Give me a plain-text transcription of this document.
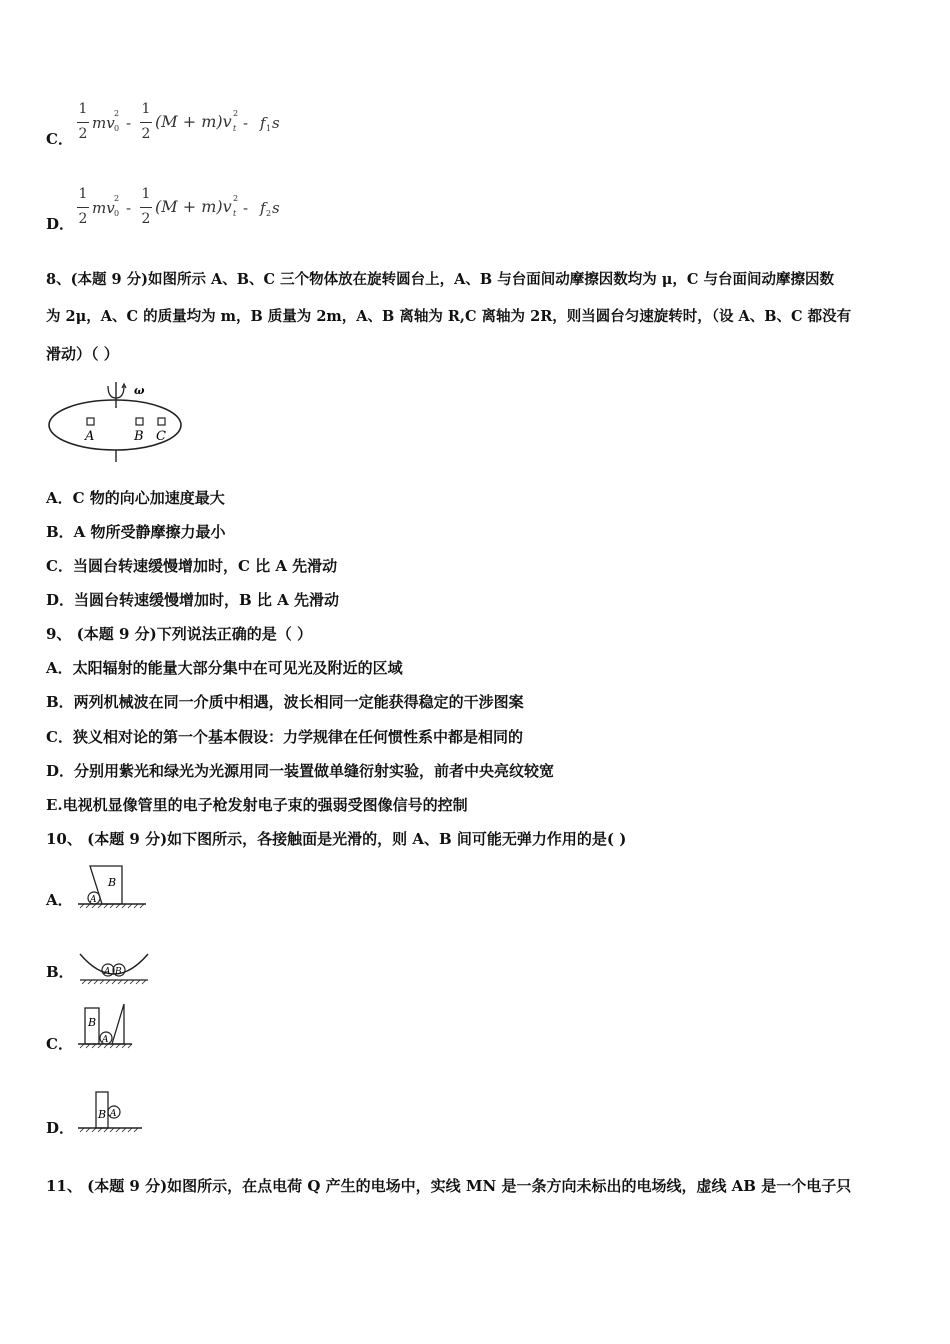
C．
1
2
mv
2
0 -
1
2
(M + m)v 2
t - f 1 s
D．
1
2
mv
2
0 -
1
2
(M + m)v 2
t - f 2 s
8、(本题 9 分)如图所示 A、B、C 三个物体放在旋转圆台上，A、B 与台面间动摩擦因数均为 μ，C 与台面间动摩擦因数
为 2μ，A、C 的质量均为 m，B 质量为 2m，A、B 离轴为 R,C 离轴为 2R，则当圆台匀速旋转时，（设 A、B、C 都没有
滑动）（ ）
ω
A	B C
A．C 物的向心加速度最大
B．A 物所受静摩擦力最小
C．当圆台转速缓慢增加时，C 比 A 先滑动
D．当圆台转速缓慢增加时，B 比 A 先滑动
9、 (本题 9 分)下列说法正确的是（ ）
A．太阳辐射的能量大部分集中在可见光及附近的区域
B．两列机械波在同一介质中相遇，波长相同一定能获得稳定的干涉图案
C．狭义相对论的第一个基本假设：力学规律在任何惯性系中都是相同的
D．分别用紫光和绿光为光源用同一装置做单缝衍射实验，前者中央亮纹较宽
E.电视机显像管里的电子枪发射电子束的强弱受图像信号的控制
10、 (本题 9 分)如下图所示，各接触面是光滑的，则 A、B 间可能无弹力作用的是( )
A． A
B
B．	A B
C．	A
B
D．
A
B
11、 (本题 9 分)如图所示，在点电荷 Q 产生的电场中，实线 MN 是一条方向未标出的电场线，虚线 AB 是一个电子只
